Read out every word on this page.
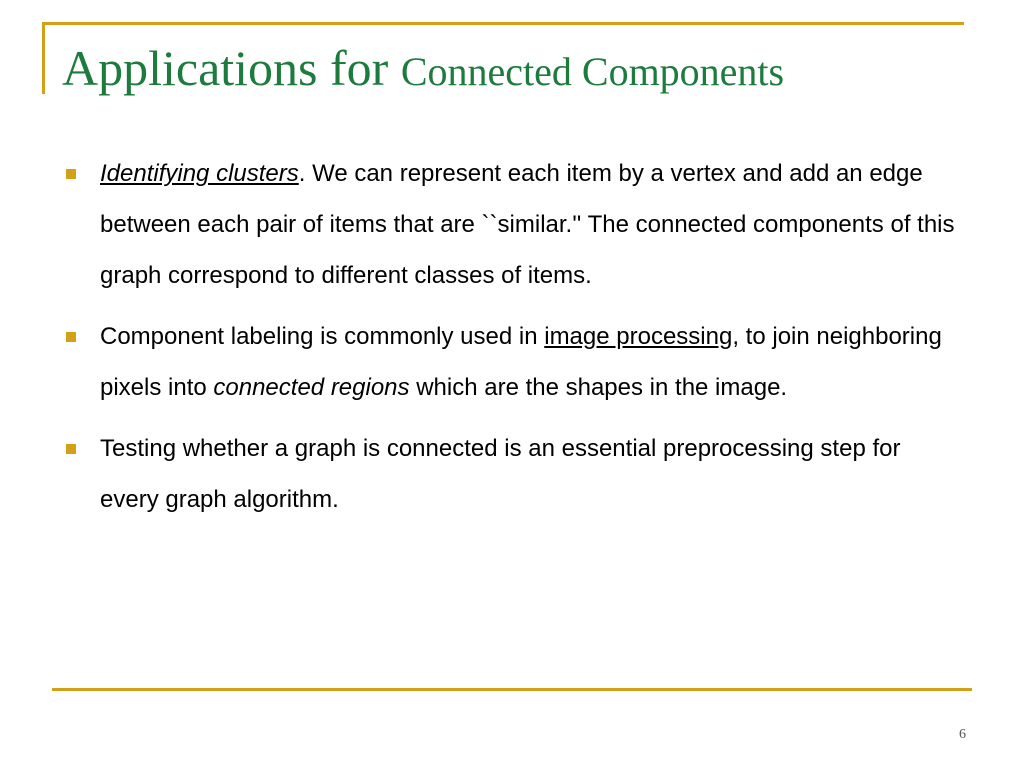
Applications for Connected Components
Identifying clusters. We can represent each item by a vertex and add an edge between each pair of items that are ``similar.'' The connected components of this graph correspond to different classes of items.
Component labeling is commonly used in image processing, to join neighboring pixels into connected regions which are the shapes in the image.
Testing whether a graph is connected is an essential preprocessing step for every graph algorithm.
6
